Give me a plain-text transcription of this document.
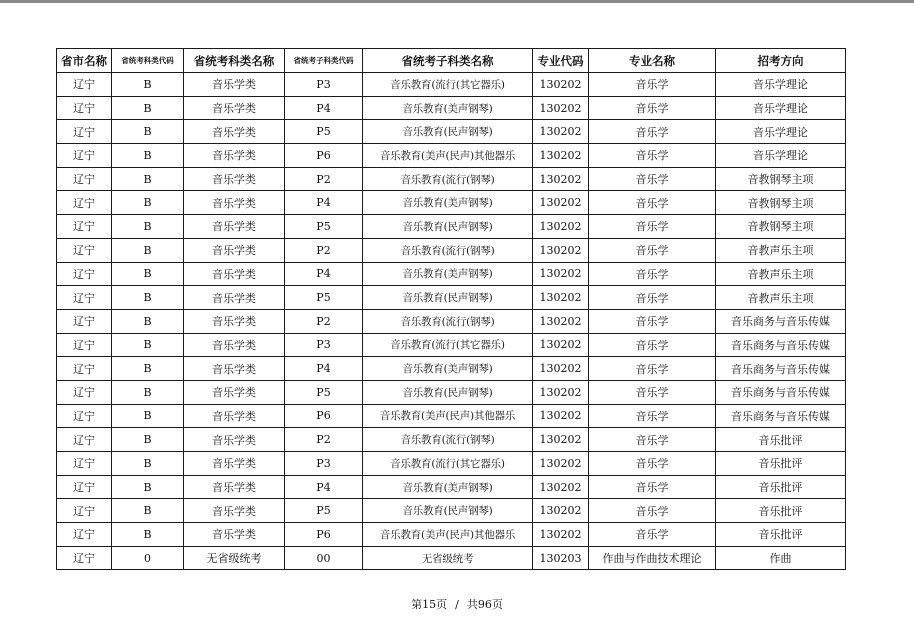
省市名称	省统考科类代码	省统考科类名称	省统考子科类代码	省统考子科类名称	专业代码	专业名称	招考方向
辽宁	B	音乐学类	P3	音乐教育(流行(其它器乐)	130202	音乐学	音乐学理论
辽宁	B	音乐学类	P4	音乐教育(美声钢琴)	130202	音乐学	音乐学理论
辽宁	B	音乐学类	P5	音乐教育(民声钢琴)	130202	音乐学	音乐学理论
辽宁	B	音乐学类	P6	音乐教育(美声(民声)其他器乐	130202	音乐学	音乐学理论
辽宁	B	音乐学类	P2	音乐教育(流行(钢琴)	130202	音乐学	音教钢琴主项
辽宁	B	音乐学类	P4	音乐教育(美声钢琴)	130202	音乐学	音教钢琴主项
辽宁	B	音乐学类	P5	音乐教育(民声钢琴)	130202	音乐学	音教钢琴主项
辽宁	B	音乐学类	P2	音乐教育(流行(钢琴)	130202	音乐学	音教声乐主项
辽宁	B	音乐学类	P4	音乐教育(美声钢琴)	130202	音乐学	音教声乐主项
辽宁	B	音乐学类	P5	音乐教育(民声钢琴)	130202	音乐学	音教声乐主项
辽宁	B	音乐学类	P2	音乐教育(流行(钢琴)	130202	音乐学	音乐商务与音乐传媒
辽宁	B	音乐学类	P3	音乐教育(流行(其它器乐)	130202	音乐学	音乐商务与音乐传媒
辽宁	B	音乐学类	P4	音乐教育(美声钢琴)	130202	音乐学	音乐商务与音乐传媒
辽宁	B	音乐学类	P5	音乐教育(民声钢琴)	130202	音乐学	音乐商务与音乐传媒
辽宁	B	音乐学类	P6	音乐教育(美声(民声)其他器乐	130202	音乐学	音乐商务与音乐传媒
辽宁	B	音乐学类	P2	音乐教育(流行(钢琴)	130202	音乐学	音乐批评
辽宁	B	音乐学类	P3	音乐教育(流行(其它器乐)	130202	音乐学	音乐批评
辽宁	B	音乐学类	P4	音乐教育(美声钢琴)	130202	音乐学	音乐批评
辽宁	B	音乐学类	P5	音乐教育(民声钢琴)	130202	音乐学	音乐批评
辽宁	B	音乐学类	P6	音乐教育(美声(民声)其他器乐	130202	音乐学	音乐批评
辽宁	0	无省级统考	00	无省级统考	130203	作曲与作曲技术理论	作曲
第15页 / 共96页
